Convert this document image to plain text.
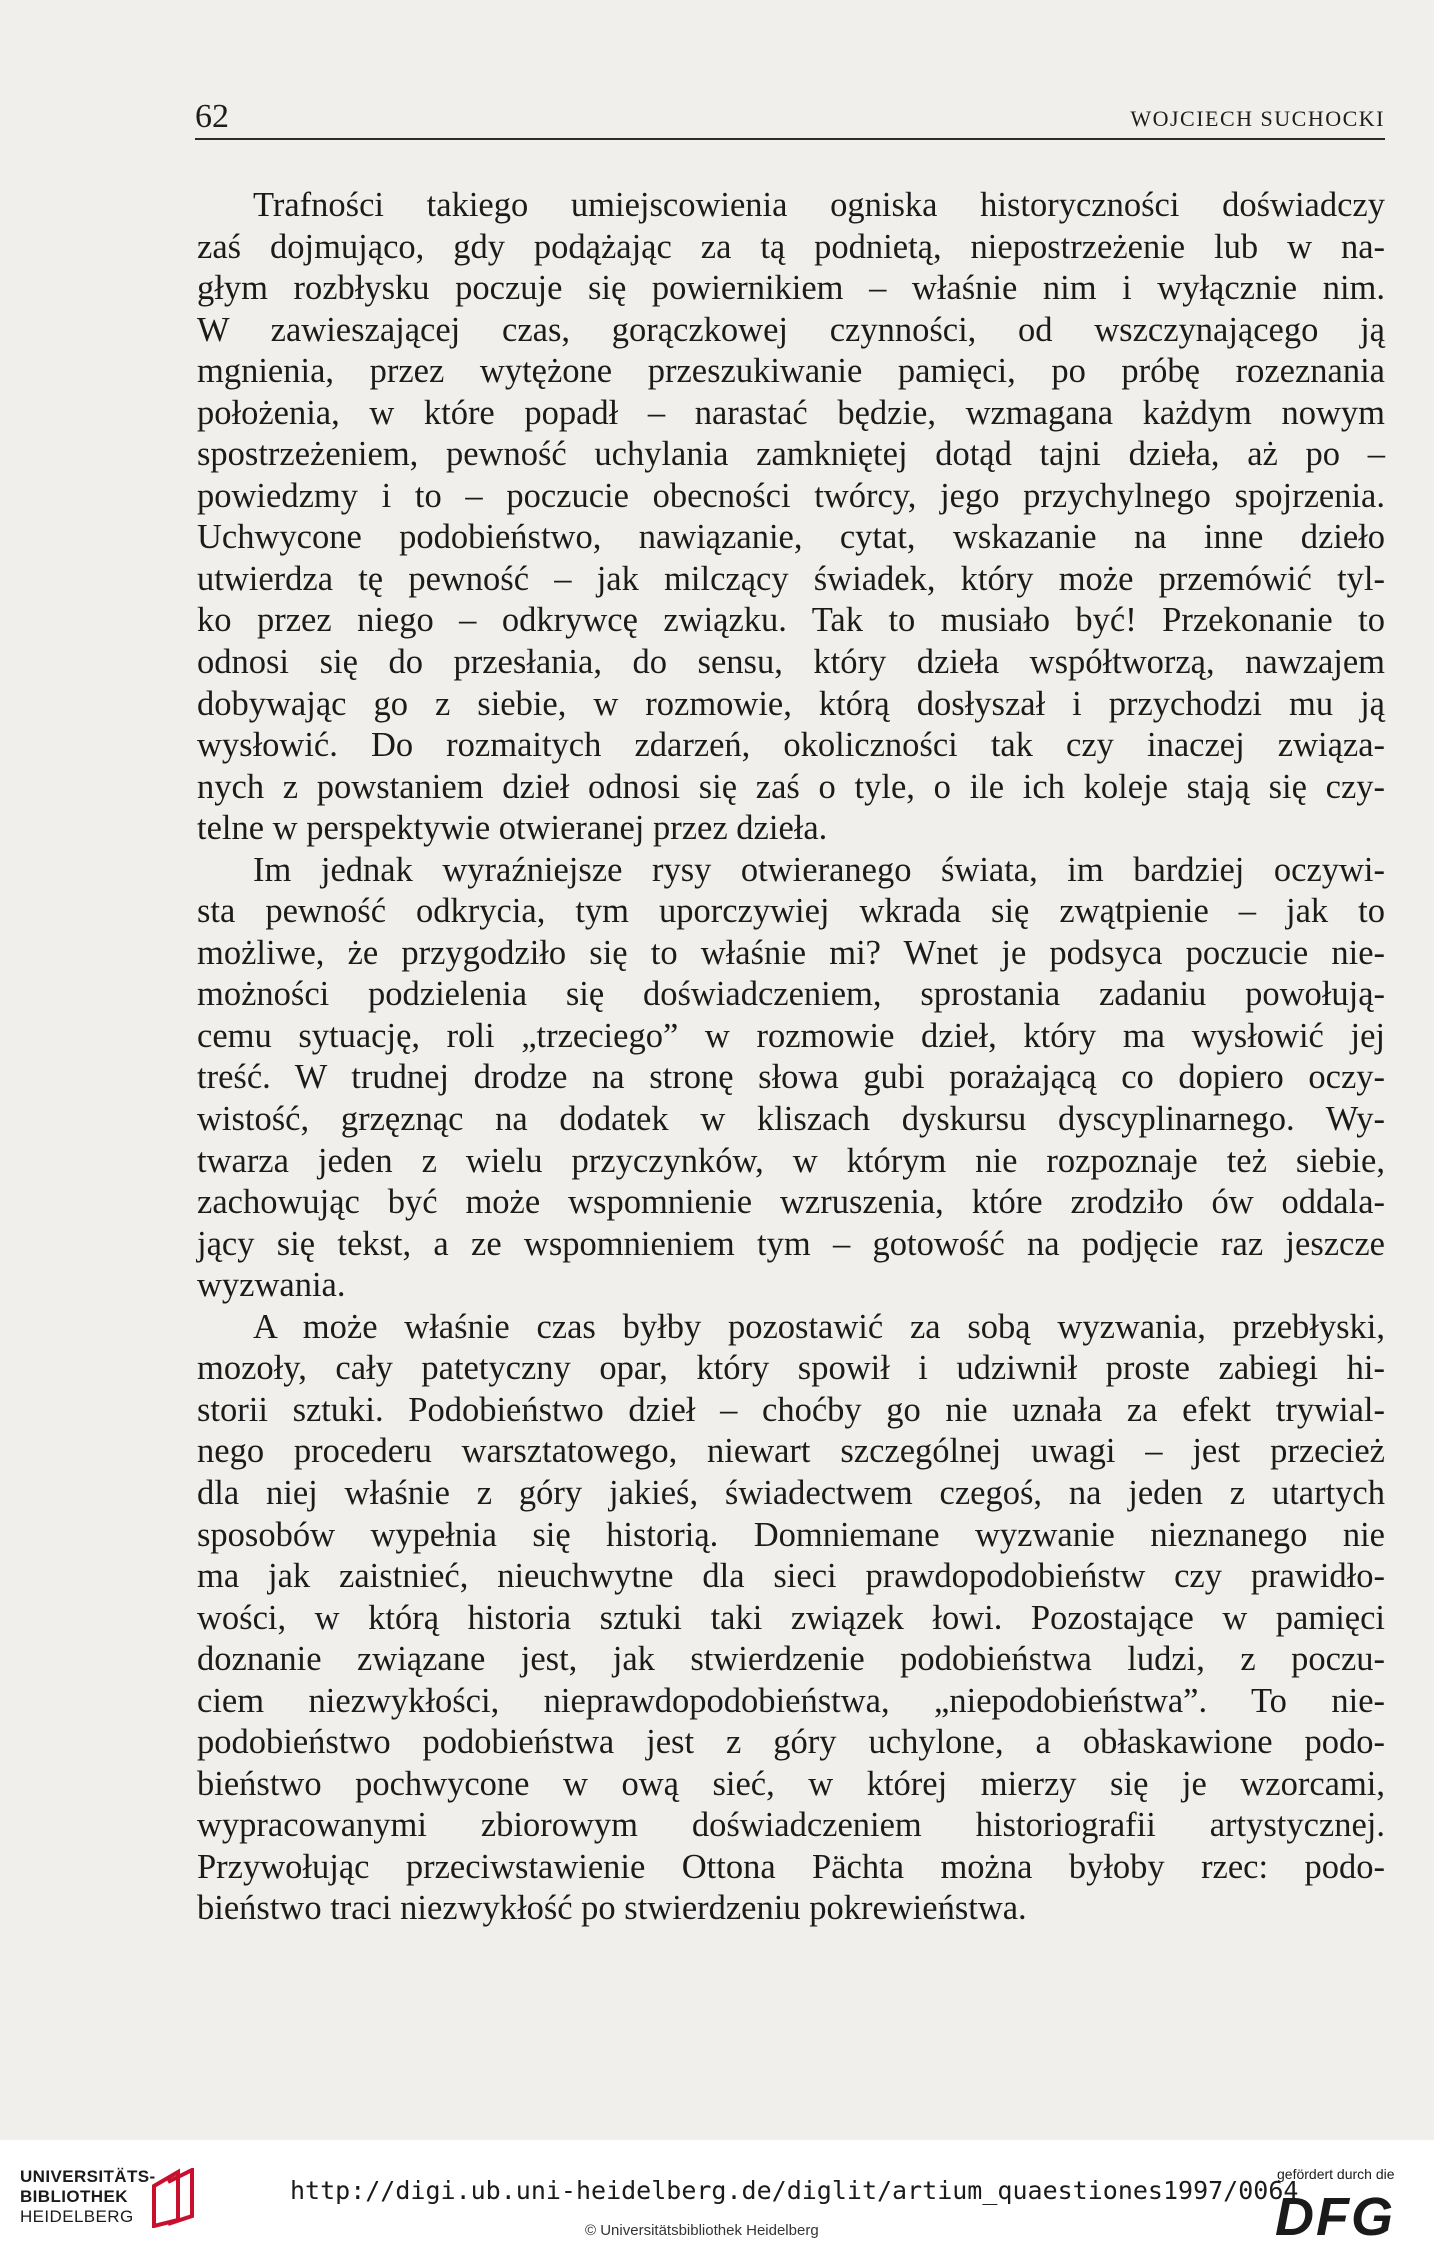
62	WOJCIECH SUCHOCKI
Trafności takiego umiejscowienia ogniska historyczności doświadczy
zaś dojmująco, gdy podążając za tą podnietą, niepostrzeżenie lub w na-
głym rozbłysku poczuje się powiernikiem – właśnie nim i wyłącznie nim.
W zawieszającej czas, gorączkowej czynności, od wszczynającego ją
mgnienia, przez wytężone przeszukiwanie pamięci, po próbę rozeznania
położenia, w które popadł – narastać będzie, wzmagana każdym nowym
spostrzeżeniem, pewność uchylania zamkniętej dotąd tajni dzieła, aż po –
powiedzmy i to – poczucie obecności twórcy, jego przychylnego spojrzenia.
Uchwycone podobieństwo, nawiązanie, cytat, wskazanie na inne dzieło
utwierdza tę pewność – jak milczący świadek, który może przemówić tyl-
ko przez niego – odkrywcę związku. Tak to musiało być! Przekonanie to
odnosi się do przesłania, do sensu, który dzieła współtworzą, nawzajem
dobywając go z siebie, w rozmowie, którą dosłyszał i przychodzi mu ją
wysłowić. Do rozmaitych zdarzeń, okoliczności tak czy inaczej związa-
nych z powstaniem dzieł odnosi się zaś o tyle, o ile ich koleje stają się czy-
telne w perspektywie otwieranej przez dzieła.
Im jednak wyraźniejsze rysy otwieranego świata, im bardziej oczywi-
sta pewność odkrycia, tym uporczywiej wkrada się zwątpienie – jak to
możliwe, że przygodziło się to właśnie mi? Wnet je podsyca poczucie nie-
możności podzielenia się doświadczeniem, sprostania zadaniu powołują-
cemu sytuację, roli „trzeciego” w rozmowie dzieł, który ma wysłowić jej
treść. W trudnej drodze na stronę słowa gubi porażającą co dopiero oczy-
wistość, grzęznąc na dodatek w kliszach dyskursu dyscyplinarnego. Wy-
twarza jeden z wielu przyczynków, w którym nie rozpoznaje też siebie,
zachowując być może wspomnienie wzruszenia, które zrodziło ów oddala-
jący się tekst, a ze wspomnieniem tym – gotowość na podjęcie raz jeszcze
wyzwania.
A może właśnie czas byłby pozostawić za sobą wyzwania, przebłyski,
mozoły, cały patetyczny opar, który spowił i udziwnił proste zabiegi hi-
storii sztuki. Podobieństwo dzieł – choćby go nie uznała za efekt trywial-
nego procederu warsztatowego, niewart szczególnej uwagi – jest przecież
dla niej właśnie z góry jakieś, świadectwem czegoś, na jeden z utartych
sposobów wypełnia się historią. Domniemane wyzwanie nieznanego nie
ma jak zaistnieć, nieuchwytne dla sieci prawdopodobieństw czy prawidło-
wości, w którą historia sztuki taki związek łowi. Pozostające w pamięci
doznanie związane jest, jak stwierdzenie podobieństwa ludzi, z poczu-
ciem niezwykłości, nieprawdopodobieństwa, „niepodobieństwa”. To nie-
podobieństwo podobieństwa jest z góry uchylone, a obłaskawione podo-
bieństwo pochwycone w ową sieć, w której mierzy się je wzorcami,
wypracowanymi zbiorowym doświadczeniem historiografii artystycznej.
Przywołując przeciwstawienie Ottona Pächta można byłoby rzec: podo-
bieństwo traci niezwykłość po stwierdzeniu pokrewieństwa.
UNIVERSITÄTS-
BIBLIOTHEK
HEIDELBERG
http://digi.ub.uni-heidelberg.de/diglit/artium_quaestiones1997/0064
© Universitätsbibliothek Heidelberg
gefördert durch die
DFG
